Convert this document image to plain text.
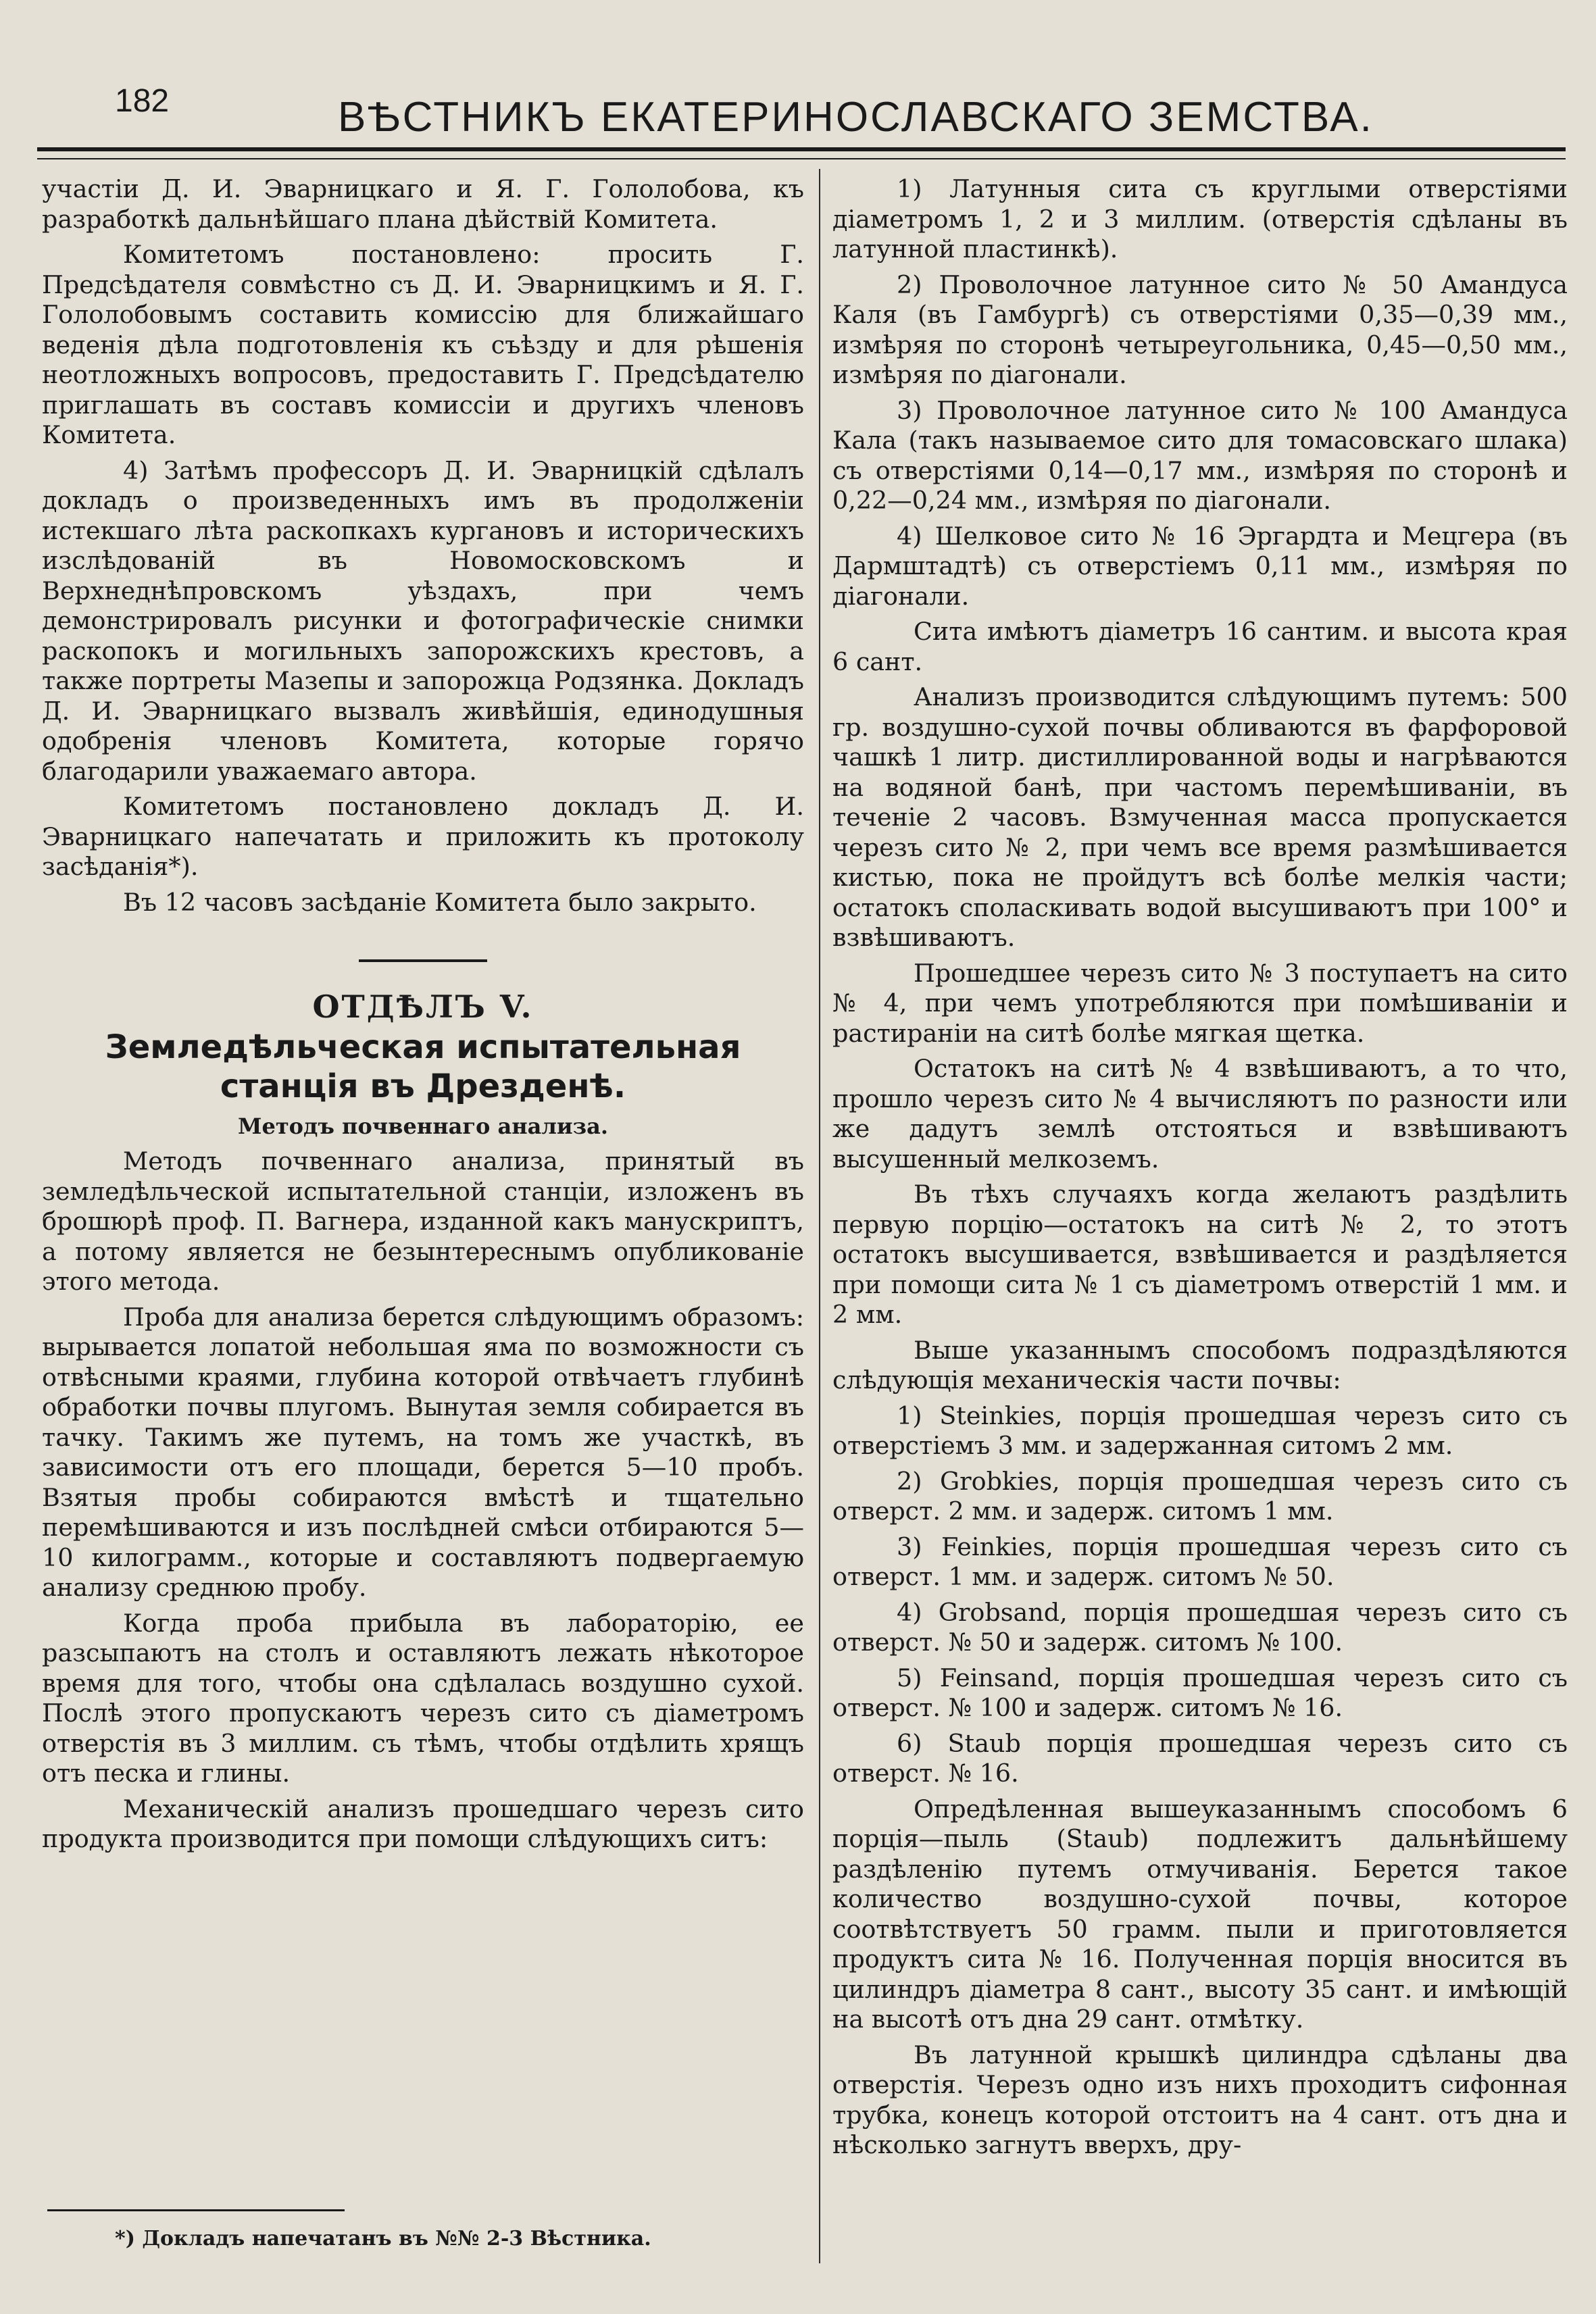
182	ВѢСТНИКЪ ЕКАТЕРИНОСЛАВСКАГО ЗЕМСТВА.

участіи Д. И. Эварницкаго и Я. Г. Гололобова, къ разработкѣ дальнѣйшаго плана дѣйствій Комитета.

Комитетомъ постановлено: просить Г. Предсѣдателя совмѣстно съ Д. И. Эварницкимъ и Я. Г. Гололобовымъ составить комиссію для ближайшаго веденія дѣла подготовленія къ съѣзду и для рѣшенія неотложныхъ вопросовъ, предоставить Г. Предсѣдателю приглашать въ составъ комиссіи и другихъ членовъ Комитета.

4) Затѣмъ профессоръ Д. И. Эварницкій сдѣлалъ докладъ о произведенныхъ имъ въ продолженіи истекшаго лѣта раскопкахъ кургановъ и историческихъ изслѣдованій въ Новомосковскомъ и Верхнеднѣпровскомъ уѣздахъ, при чемъ демонстрировалъ рисунки и фотографическіе снимки раскопокъ и могильныхъ запорожскихъ крестовъ, а также портреты Мазепы и запорожца Родзянка. Докладъ Д. И. Эварницкаго вызвалъ живѣйшія, единодушныя одобренія членовъ Комитета, которые горячо благодарили уважаемаго автора.

Комитетомъ постановлено докладъ Д. И. Эварницкаго напечатать и приложить къ протоколу засѣданія*).

Въ 12 часовъ засѣданіе Комитета было закрыто.

ОТДѢЛЪ V.

Земледѣльческая испытательная станція въ Дрезденѣ.

Методъ почвеннаго анализа.

Методъ почвеннаго анализа, принятый въ земледѣльческой испытательной станціи, изложенъ въ брошюрѣ проф. П. Вагнера, изданной какъ манускриптъ, а потому является не безынтереснымъ опубликованіе этого метода.

Проба для анализа берется слѣдующимъ образомъ: вырывается лопатой небольшая яма по возможности съ отвѣсными краями, глубина которой отвѣчаетъ глубинѣ обработки почвы плугомъ. Вынутая земля собирается въ тачку. Такимъ же путемъ, на томъ же участкѣ, въ зависимости отъ его площади, берется 5—10 пробъ. Взятыя пробы собираются вмѣстѣ и тщательно перемѣшиваются и изъ послѣдней смѣси отбираются 5—10 килограмм., которые и составляютъ подвергаемую анализу среднюю пробу.

Когда проба прибыла въ лабораторію, ее разсыпаютъ на столъ и оставляютъ лежать нѣкоторое время для того, чтобы она сдѣлалась воздушно сухой. Послѣ этого пропускаютъ черезъ сито съ діаметромъ отверстія въ 3 миллим. съ тѣмъ, чтобы отдѣлить хрящъ отъ песка и глины.

Механическій анализъ прошедшаго черезъ сито продукта производится при помощи слѣдующихъ ситъ:

*) Докладъ напечатанъ въ №№ 2-3 Вѣстника.

1) Латунныя сита съ круглыми отверстіями діаметромъ 1, 2 и 3 миллим. (отверстія сдѣланы въ латунной пластинкѣ).

2) Проволочное латунное сито № 50 Амандуса Каля (въ Гамбургѣ) съ отверстіями 0,35—0,39 мм., измѣряя по сторонѣ четыреугольника, 0,45—0,50 мм., измѣряя по діагонали.

3) Проволочное латунное сито № 100 Амандуса Кала (такъ называемое сито для томасовскаго шлака) съ отверстіями 0,14—0,17 мм., измѣряя по сторонѣ и 0,22—0,24 мм., измѣряя по діагонали.

4) Шелковое сито № 16 Эргардта и Мецгера (въ Дармштадтѣ) съ отверстіемъ 0,11 мм., измѣряя по діагонали.

Сита имѣютъ діаметръ 16 сантим. и высота края 6 сант.

Анализъ производится слѣдующимъ путемъ: 500 гр. воздушно-сухой почвы обливаются въ фарфоровой чашкѣ 1 литр. дистиллированной воды и нагрѣваются на водяной банѣ, при частомъ перемѣшиваніи, въ теченіе 2 часовъ. Взмученная масса пропускается черезъ сито № 2, при чемъ все время размѣшивается кистью, пока не пройдутъ всѣ болѣе мелкія части; остатокъ споласкивать водой высушиваютъ при 100° и взвѣшиваютъ.

Прошедшее черезъ сито № 3 поступаетъ на сито № 4, при чемъ употребляются при помѣшиваніи и растираніи на ситѣ болѣе мягкая щетка.

Остатокъ на ситѣ № 4 взвѣшиваютъ, а то что, прошло черезъ сито № 4 вычисляютъ по разности или же дадутъ землѣ отстояться и взвѣшиваютъ высушенный мелкоземъ.

Въ тѣхъ случаяхъ когда желаютъ раздѣлить первую порцію—остатокъ на ситѣ № 2, то этотъ остатокъ высушивается, взвѣшивается и раздѣляется при помощи сита № 1 съ діаметромъ отверстій 1 мм. и 2 мм.

Выше указаннымъ способомъ подраздѣляются слѣдующія механическія части почвы:

1) Steinkies, порція прошедшая черезъ сито съ отверстіемъ 3 мм. и задержанная ситомъ 2 мм.

2) Grobkies, порція прошедшая черезъ сито съ отверст. 2 мм. и задерж. ситомъ 1 мм.

3) Feinkies, порція прошедшая черезъ сито съ отверст. 1 мм. и задерж. ситомъ № 50.

4) Grobsand, порція прошедшая черезъ сито съ отверст. № 50 и задерж. ситомъ № 100.

5) Feinsand, порція прошедшая черезъ сито съ отверст. № 100 и задерж. ситомъ № 16.

6) Staub порція прошедшая черезъ сито съ отверст. № 16.

Опредѣленная вышеуказаннымъ способомъ 6 порція—пыль (Staub) подлежитъ дальнѣйшему раздѣленію путемъ отмучиванія. Берется такое количество воздушно-сухой почвы, которое соотвѣтствуетъ 50 грамм. пыли и приготовляется продуктъ сита № 16. Полученная порція вносится въ цилиндръ діаметра 8 сант., высоту 35 сант. и имѣющій на высотѣ отъ дна 29 сант. отмѣтку.

Въ латунной крышкѣ цилиндра сдѣланы два отверстія. Черезъ одно изъ нихъ проходитъ сифонная трубка, конецъ которой отстоитъ на 4 сант. отъ дна и нѣсколько загнутъ вверхъ, дру-
